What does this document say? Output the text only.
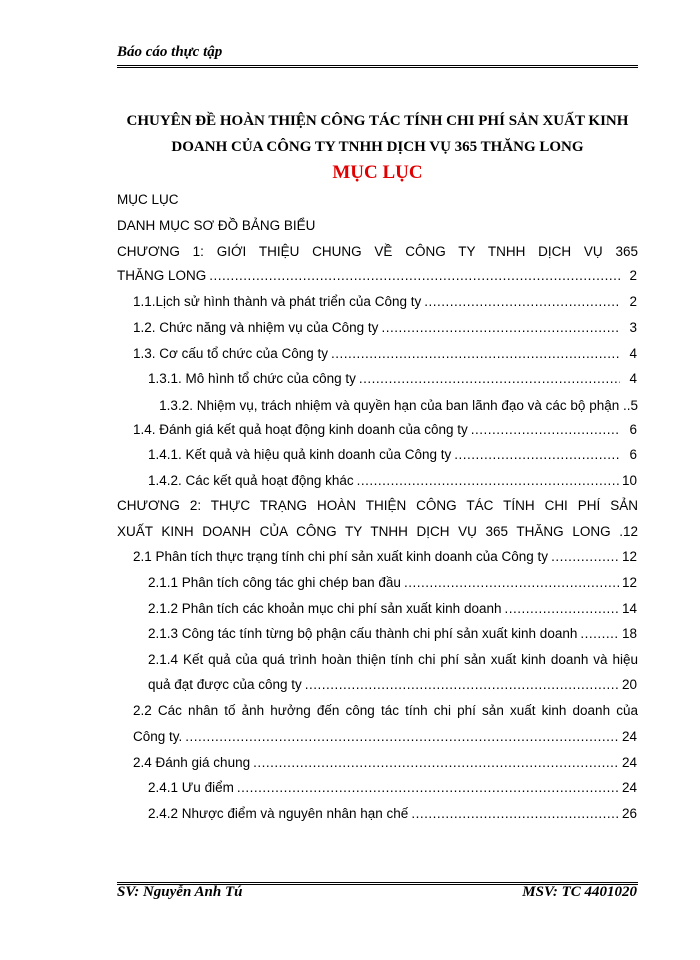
Báo cáo thực tập
CHUYÊN ĐỀ HOÀN THIỆN CÔNG TÁC TÍNH CHI PHÍ SẢN XUẤT KINH
DOANH CỦA CÔNG TY TNHH DỊCH VỤ 365 THĂNG LONG
MỤC LỤC
MỤC LỤC
DANH MỤC SƠ ĐỒ BẢNG BIỂU
CHƯƠNG 1: GIỚI THIỆU CHUNG VỀ CÔNG TY TNHH DỊCH VỤ 365
THĂNG LONG .....	2
1.1.Lịch sử hình thành và phát triển của Công ty .....	2
1.2. Chức năng và nhiệm vụ của Công ty .....	3
1.3. Cơ cấu tổ chức của Công ty .....	4
1.3.1. Mô hình tổ chức của công ty .....	4
1.3.2. Nhiệm vụ, trách nhiệm và quyền hạn của ban lãnh đạo và các bộ phận ..5
1.4. Đánh giá kết quả hoạt động kinh doanh của công ty .....	6
1.4.1. Kết quả và hiệu quả kinh doanh của Công ty .....	6
1.4.2. Các kết quả hoạt động khác .....	10
CHƯƠNG 2: THỰC TRẠNG HOÀN THIỆN CÔNG TÁC TÍNH CHI PHÍ SẢN
XUẤT KINH DOANH CỦA CÔNG TY TNHH DỊCH VỤ 365 THĂNG LONG .12
2.1 Phân tích thực trạng tính chi phí sản xuất kinh doanh của Công ty .....	12
2.1.1 Phân tích công tác ghi chép ban đầu .....	12
2.1.2 Phân tích các khoản mục chi phí sản xuất kinh doanh .....	14
2.1.3 Công tác tính từng bộ phận cấu thành chi phí sản xuất kinh doanh .....	18
2.1.4 Kết quả của quá trình hoàn thiện tính chi phí sản xuất kinh doanh và hiệu
quả đạt được của công ty .....	20
2.2 Các nhân tố ảnh hưởng đến công tác tính chi phí sản xuất kinh doanh của
Công ty. .....	24
2.4 Đánh giá chung .....	24
2.4.1 Ưu điểm .....	24
2.4.2 Nhược điểm và nguyên nhân hạn chế .....	26
SV: Nguyễn Anh Tú	MSV: TC 4401020
